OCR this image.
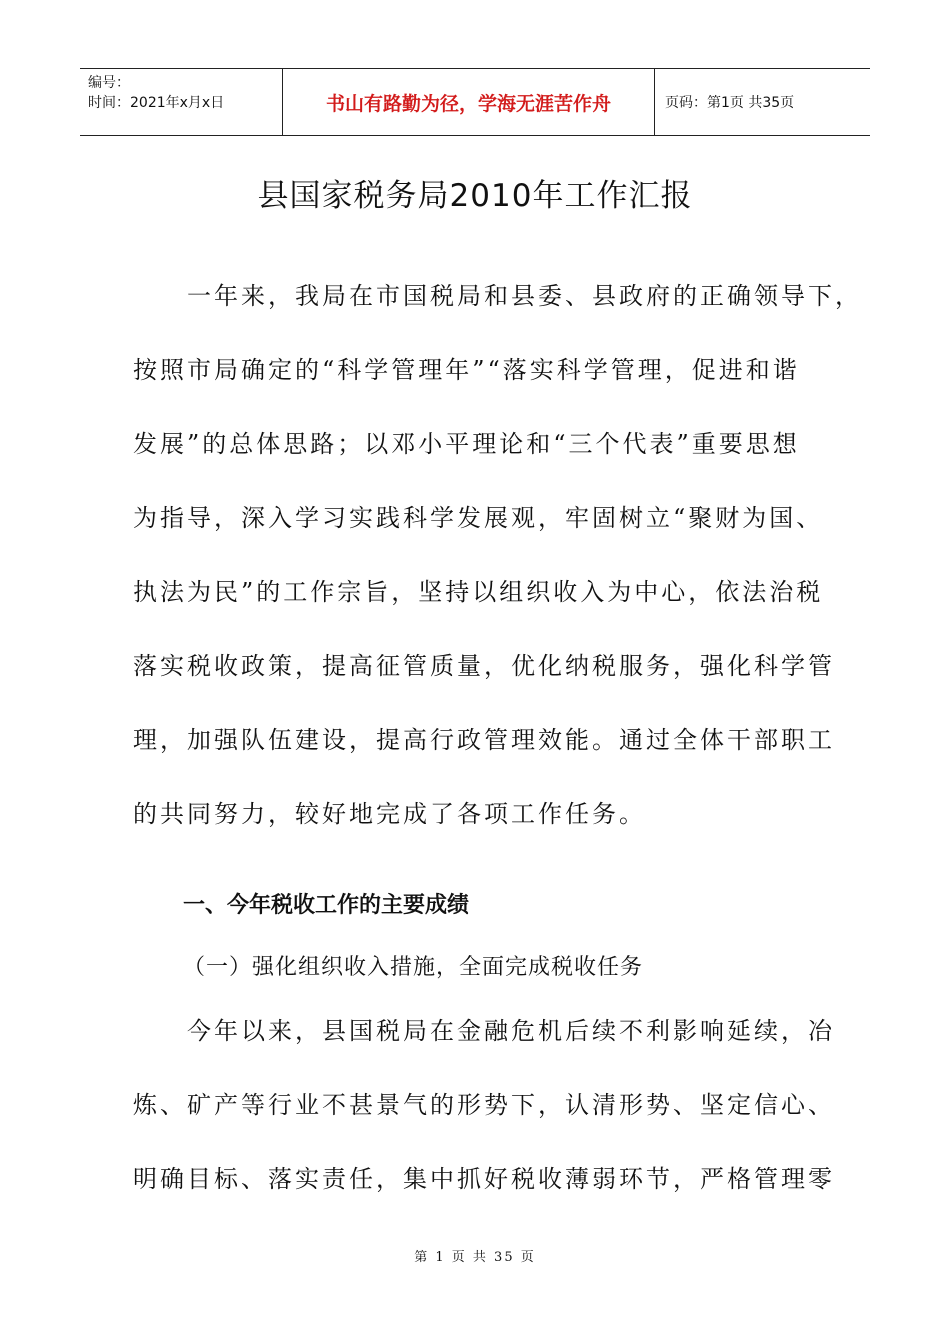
编号：
时间：2021年x月x日	书山有路勤为径，学海无涯苦作舟	页码：第1页 共35页
县国家税务局2010年工作汇报
　　一年来，我局在市国税局和县委、县政府的正确领导下，
按照市局确定的“科学管理年”“落实科学管理，促进和谐
发展”的总体思路；以邓小平理论和“三个代表”重要思想
为指导，深入学习实践科学发展观，牢固树立“聚财为国、
执法为民”的工作宗旨，坚持以组织收入为中心，依法治税
落实税收政策，提高征管质量，优化纳税服务，强化科学管
理，加强队伍建设，提高行政管理效能。通过全体干部职工
的共同努力，较好地完成了各项工作任务。
一、今年税收工作的主要成绩
（一）强化组织收入措施，全面完成税收任务
　　今年以来，县国税局在金融危机后续不利影响延续，冶
炼、矿产等行业不甚景气的形势下，认清形势、坚定信心、
明确目标、落实责任，集中抓好税收薄弱环节，严格管理零
第 1 页 共 35 页
